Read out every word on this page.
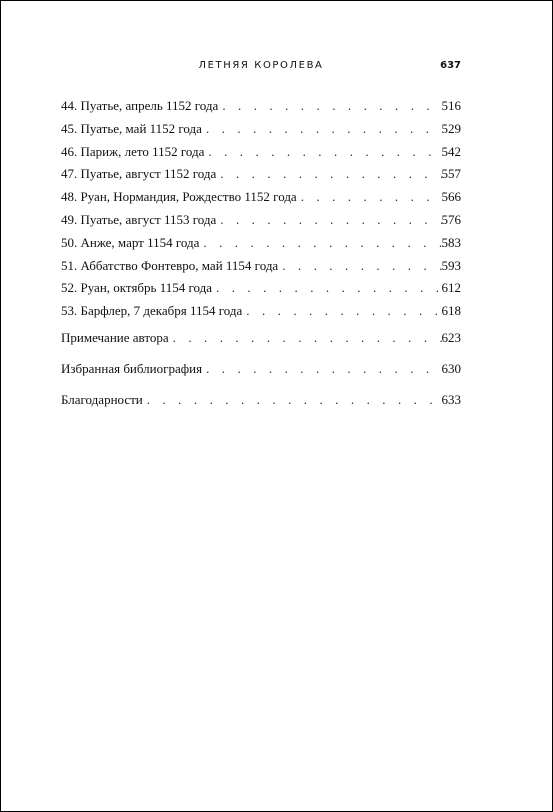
ЛЕТНЯЯ КОРОЛЕВА	637
44. Пуатье, апрель 1152 года . . .	516
45. Пуатье, май 1152 года . . .	529
46. Париж, лето 1152 года . . .	542
47. Пуатье, август 1152 года . . .	557
48. Руан, Нормандия, Рождество 1152 года . . .	566
49. Пуатье, август 1153 года . . .	576
50. Анже, март 1154 года . . .	583
51. Аббатство Фонтевро, май 1154 года . . .	593
52. Руан, октябрь 1154 года . . .	612
53. Барфлер, 7 декабря 1154 года . . .	618
Примечание автора . . .	623
Избранная библиография . . .	630
Благодарности . . .	633
